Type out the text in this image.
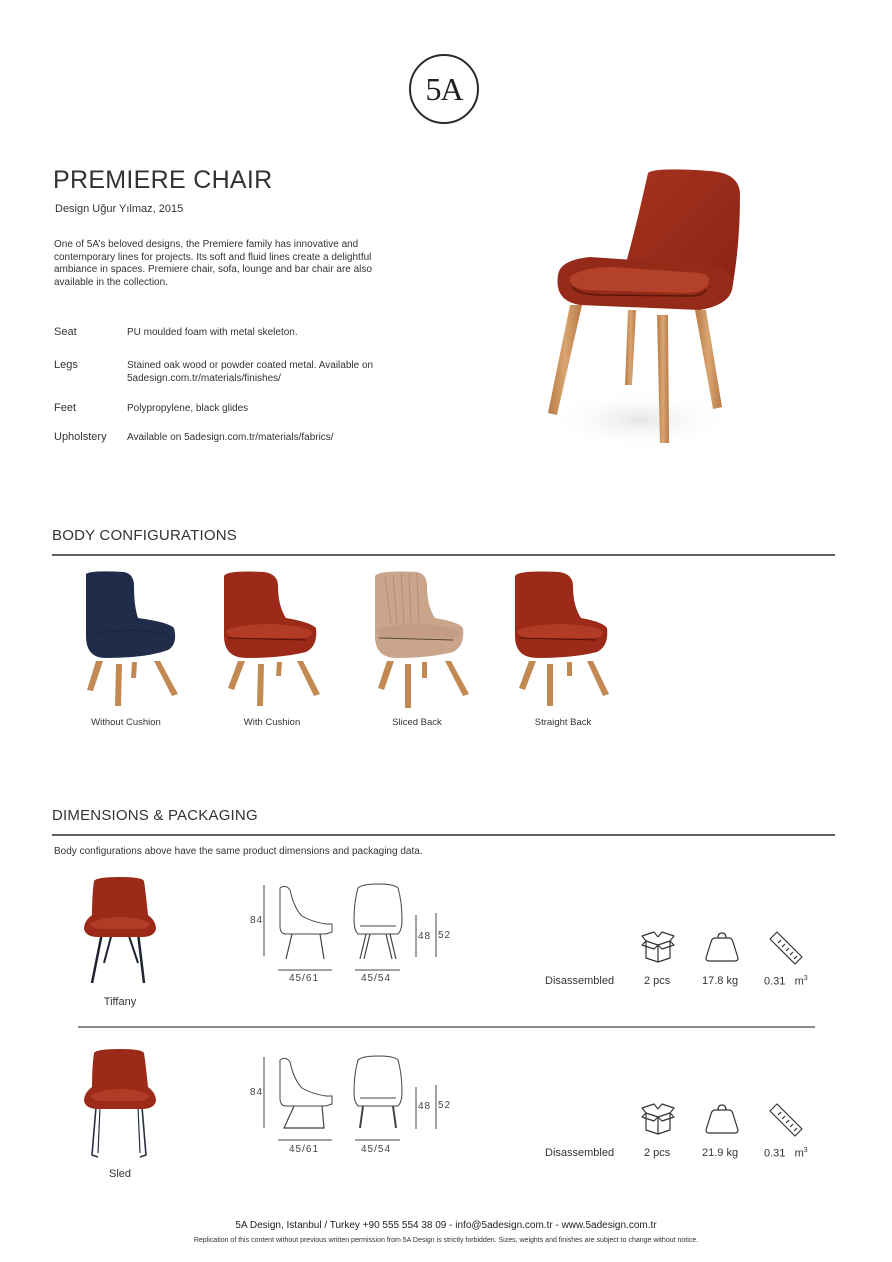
5A
PREMIERE CHAIR
Design Uğur Yılmaz, 2015
One of 5A’s beloved designs, the Premiere family has innovative and contemporary lines for projects. Its soft and fluid lines create a delightful ambiance in spaces. Premiere chair, sofa, lounge and bar chair are also available in the collection.
Seat	PU moulded foam with metal skeleton.
Legs	Stained oak wood or powder coated metal. Available on 5adesign.com.tr/materials/finishes/
Feet	Polypropylene, black glides
Upholstery	Available on 5adesign.com.tr/materials/fabrics/
BODY CONFIGURATIONS
Without Cushion	With Cushion	Sliced Back	Straight Back
DIMENSIONS & PACKAGING
Body configurations above have the same product dimensions and packaging data.
Tiffany
84
45/61	45/54
48 52
Disassembled	2 pcs	17.8 kg 0.31 $m^3$
Sled
84
45/61	45/54
48 52
Disassembled	2 pcs	21.9 kg 0.31 $m^3$
5A Design, Istanbul / Turkey +90 555 554 38 09 - info@5adesign.com.tr - www.5adesign.com.tr
Replication of this content without previous written permission from 5A Design is strictly forbidden. Sizes, weights and finishes are subject to change without notice.
